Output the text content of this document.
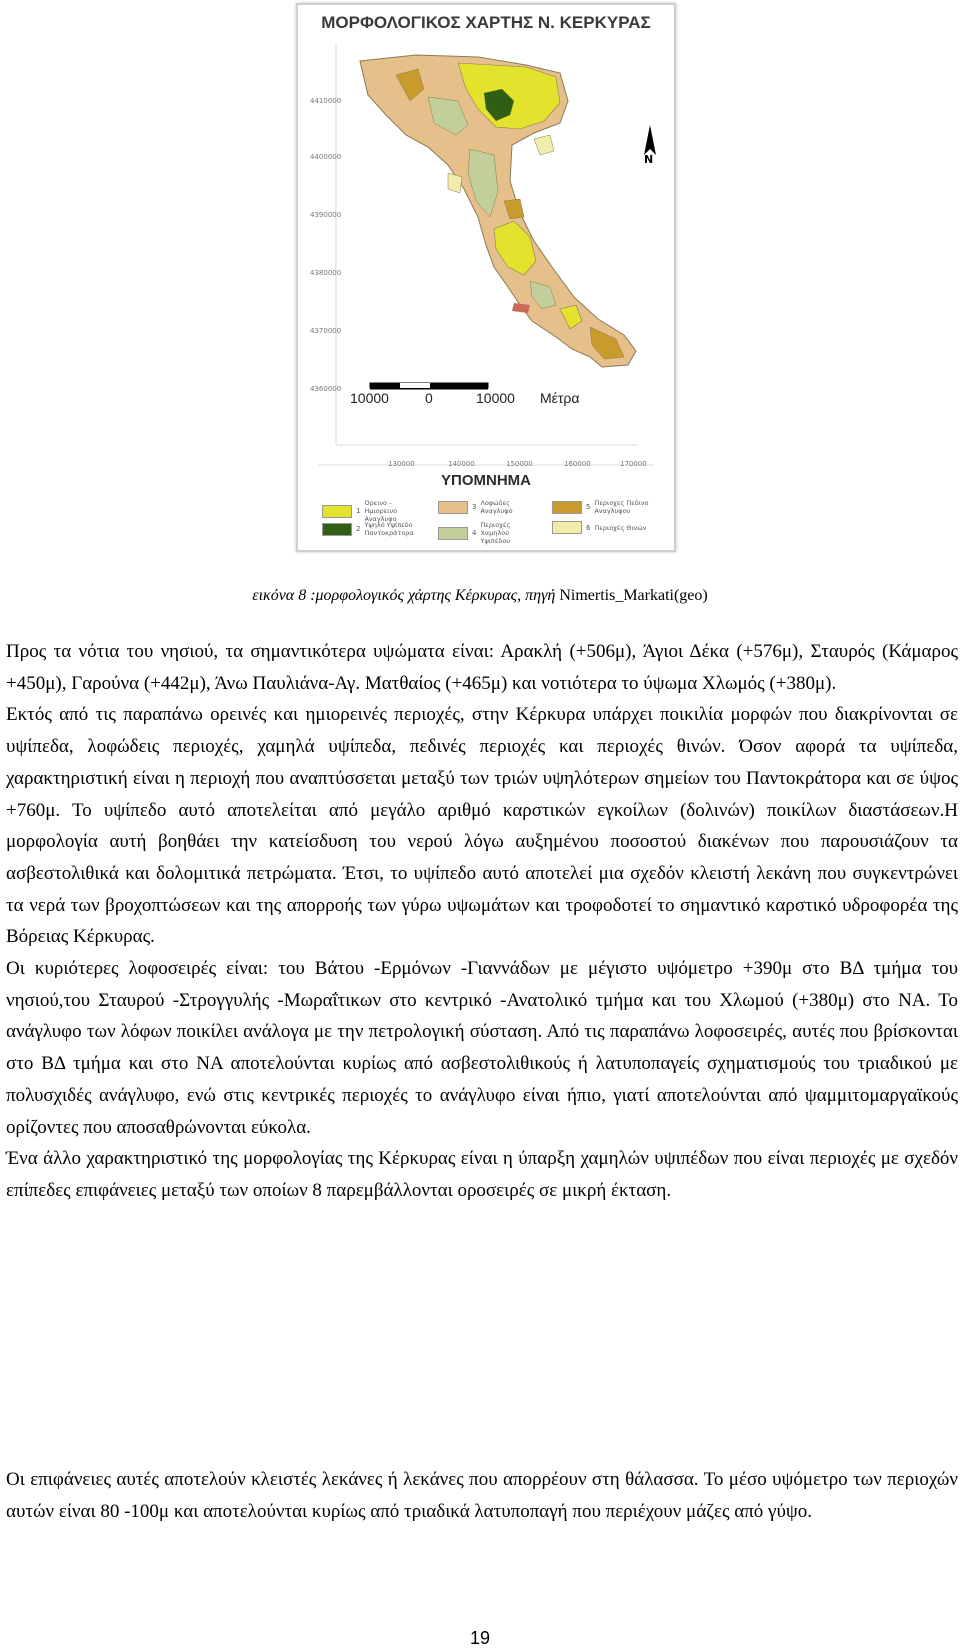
ΜΟΡΦΟΛΟΓΙΚΟΣ ΧΑΡΤΗΣ Ν. ΚΕΡΚΥΡΑΣ
N
4410000
4400000
4390000
4380000
4370000
4360000
130000	140000	150000	160000	170000
10000	0	10000 Μέτρα
ΥΠΟΜΝΗΜΑ
1
Ορεινο - Ημιορεινο Αναγλυφο
2 Υψηλό Υψίπεδο Παντοκράτορα
3 Λοφώδες Αναγλυφο
4
Περιοχές Χαμηλού Υψιπέδου
5 Περιοχες Πεδινο Αναγλυφου
6 Περιοχές Θινών
εικόνα 8 :μορφολογικός χάρτης Κέρκυρας, πηγή Nimertis_Markati(geo)

Προς τα νότια του νησιού, τα σημαντικότερα υψώματα είναι: Αρακλή (+506μ), Άγιοι Δέκα (+576μ), Σταυρός (Κάμαρος +450μ), Γαρούνα (+442μ), Άνω Παυλιάνα-Αγ. Ματθαίος (+465μ) και νοτιότερα το ύψωμα Χλωμός (+380μ).

Εκτός από τις παραπάνω ορεινές και ημιορεινές περιοχές, στην Κέρκυρα υπάρχει ποικιλία μορφών που διακρίνονται σε υψίπεδα, λοφώδεις περιοχές, χαμηλά υψίπεδα, πεδινές περιοχές και περιοχές θινών. Όσον αφορά τα υψίπεδα, χαρακτηριστική είναι η περιοχή που αναπτύσσεται μεταξύ των τριών υψηλότερων σημείων του Παντοκράτορα και σε ύψος +760μ. Το υψίπεδο αυτό αποτελείται από μεγάλο αριθμό καρστικών εγκοίλων (δολινών) ποικίλων διαστάσεων.Η μορφολογία αυτή βοηθάει την κατείσδυση του νερού λόγω αυξημένου ποσοστού διακένων που παρουσιάζουν τα ασβεστολιθικά και δολομιτικά πετρώματα. Έτσι, το υψίπεδο αυτό αποτελεί μια σχεδόν κλειστή λεκάνη που συγκεντρώνει τα νερά των βροχοπτώσεων και της απορροής των γύρω υψωμάτων και τροφοδοτεί το σημαντικό καρστικό υδροφορέα της Βόρειας Κέρκυρας.

Οι κυριότερες λοφοσειρές είναι: του Βάτου -Ερμόνων -Γιαννάδων με μέγιστο υψόμετρο +390μ στο ΒΔ τμήμα του νησιού,του Σταυρού -Στρογγυλής -Μωραΐτικων στο κεντρικό -Ανατολικό τμήμα και του Χλωμού (+380μ) στο ΝΑ. Το ανάγλυφο των λόφων ποικίλει ανάλογα με την πετρολογική σύσταση. Από τις παραπάνω λοφοσειρές, αυτές που βρίσκονται στο ΒΔ τμήμα και στο ΝΑ αποτελούνται κυρίως από ασβεστολιθικούς ή λατυποπαγείς σχηματισμούς του τριαδικού με πολυσχιδές ανάγλυφο, ενώ στις κεντρικές περιοχές το ανάγλυφο είναι ήπιο, γιατί αποτελούνται από ψαμμιτομαργαϊκούς ορίζοντες που αποσαθρώνονται εύκολα.

Ένα άλλο χαρακτηριστικό της μορφολογίας της Κέρκυρας είναι η ύπαρξη χαμηλών υψιπέδων που είναι περιοχές με σχεδόν επίπεδες επιφάνειες μεταξύ των οποίων 8 παρεμβάλλονται οροσειρές σε μικρή έκταση.

Οι επιφάνειες αυτές αποτελούν κλειστές λεκάνες ή λεκάνες που απορρέουν στη θάλασσα. Το μέσο υψόμετρο των περιοχών αυτών είναι 80 -100μ και αποτελούνται κυρίως από τριαδικά λατυποπαγή που περιέχουν μάζες από γύψο.

19
